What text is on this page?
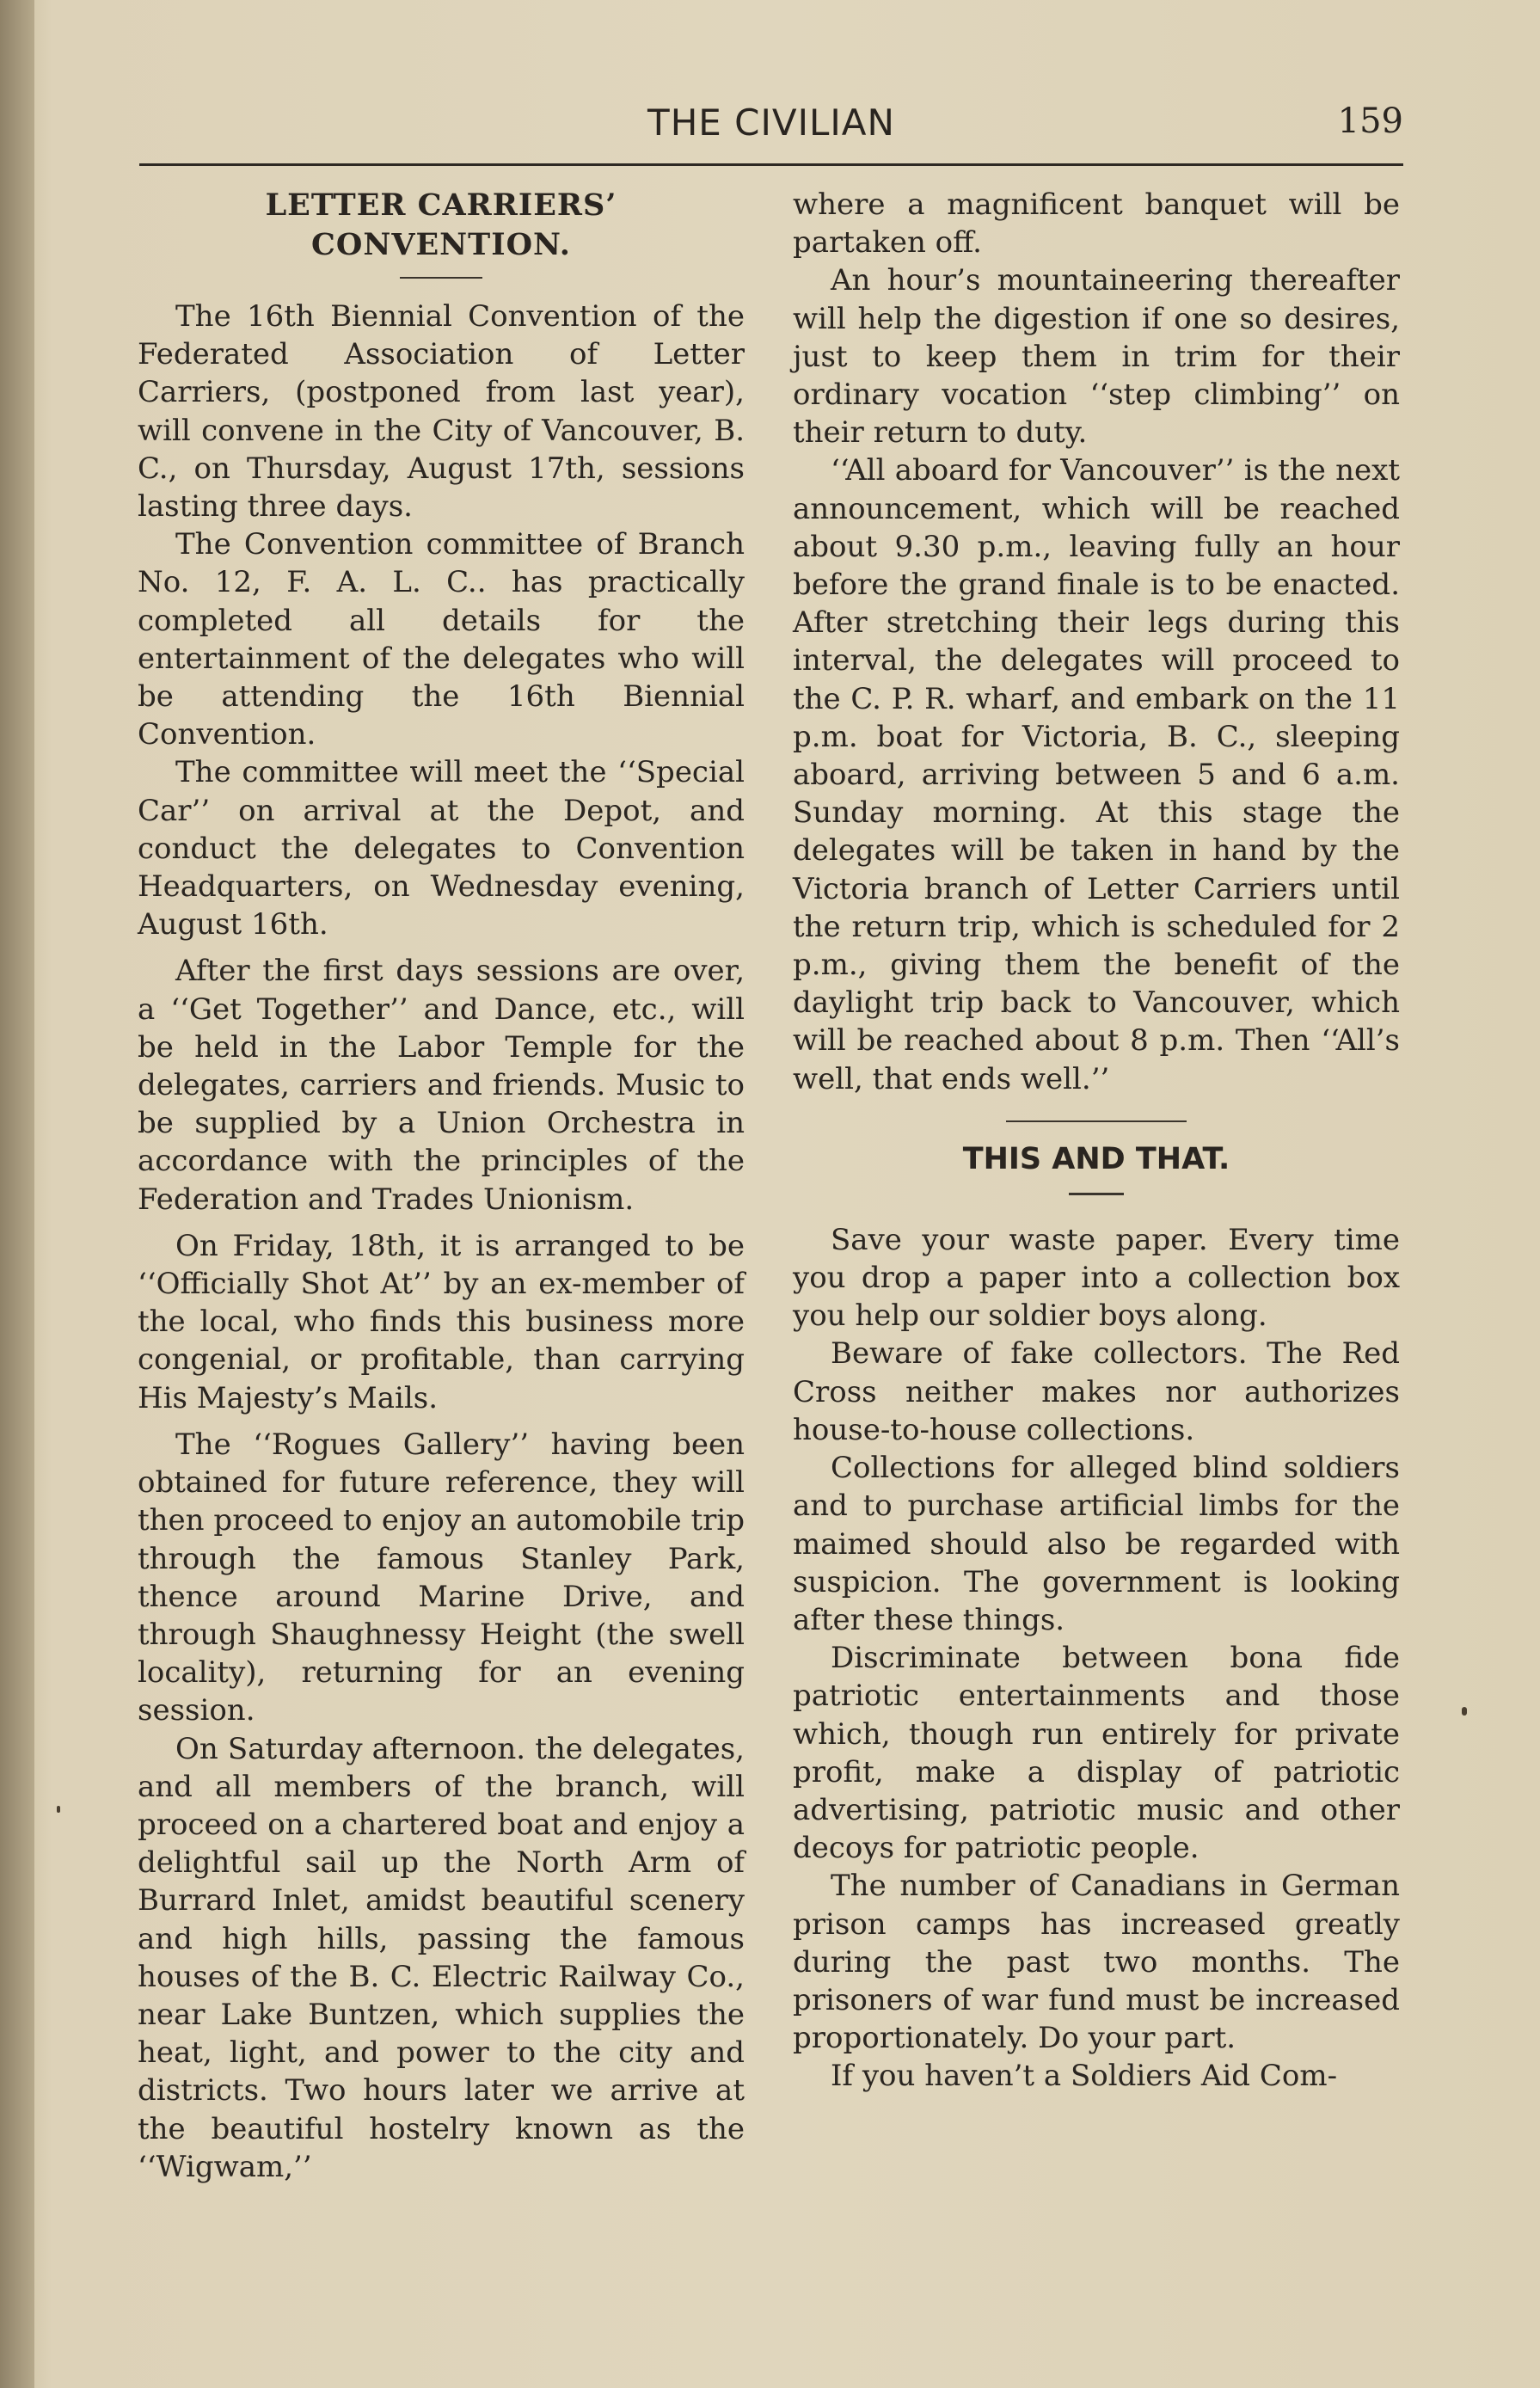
THE CIVILIAN	159
LETTER CARRIERS’ CONVENTION.

The 16th Biennial Convention of the Federated Association of Letter Carriers, (postponed from last year), will convene in the City of Vancouver, B. C., on Thursday, August 17th, sessions lasting three days.

The Convention committee of Branch No. 12, F. A. L. C.. has practically completed all details for the entertainment of the delegates who will be attending the 16th Biennial Convention.

The committee will meet the ‘‘Special Car’’ on arrival at the Depot, and conduct the delegates to Convention Headquarters, on Wednesday evening, August 16th.

After the first days sessions are over, a ‘‘Get Together’’ and Dance, etc., will be held in the Labor Temple for the delegates, carriers and friends. Music to be supplied by a Union Orchestra in accordance with the principles of the Federation and Trades Unionism.

On Friday, 18th, it is arranged to be ‘‘Officially Shot At’’ by an ex-member of the local, who finds this business more congenial, or profitable, than carrying His Majesty’s Mails.

The ‘‘Rogues Gallery’’ having been obtained for future reference, they will then proceed to enjoy an automobile trip through the famous Stanley Park, thence around Marine Drive, and through Shaughnessy Height (the swell locality), returning for an evening session.

On Saturday afternoon. the delegates, and all members of the branch, will proceed on a chartered boat and enjoy a delightful sail up the North Arm of Burrard Inlet, amidst beautiful scenery and high hills, passing the famous houses of the B. C. Electric Railway Co., near Lake Buntzen, which supplies the heat, light, and power to the city and districts. Two hours later we arrive at the beautiful hostelry known as the ‘‘Wigwam,’’

where a magnificent banquet will be partaken off.

An hour’s mountaineering thereafter will help the digestion if one so desires, just to keep them in trim for their ordinary vocation ‘‘step climbing’’ on their return to duty.

‘‘All aboard for Vancouver’’ is the next announcement, which will be reached about 9.30 p.m., leaving fully an hour before the grand finale is to be enacted. After stretching their legs during this interval, the delegates will proceed to the C. P. R. wharf, and embark on the 11 p.m. boat for Victoria, B. C., sleeping aboard, arriving between 5 and 6 a.m. Sunday morning. At this stage the delegates will be taken in hand by the Victoria branch of Letter Carriers until the return trip, which is scheduled for 2 p.m., giving them the benefit of the daylight trip back to Vancouver, which will be reached about 8 p.m. Then ‘‘All’s well, that ends well.’’

THIS AND THAT.

Save your waste paper. Every time you drop a paper into a collection box you help our soldier boys along.

Beware of fake collectors. The Red Cross neither makes nor authorizes house-to-house collections.

Collections for alleged blind soldiers and to purchase artificial limbs for the maimed should also be regarded with suspicion. The government is looking after these things.

Discriminate between bona fide patriotic entertainments and those which, though run entirely for private profit, make a display of patriotic advertising, patriotic music and other decoys for patriotic people.

The number of Canadians in German prison camps has increased greatly during the past two months. The prisoners of war fund must be increased proportionately. Do your part.

If you haven’t a Soldiers Aid Com-
